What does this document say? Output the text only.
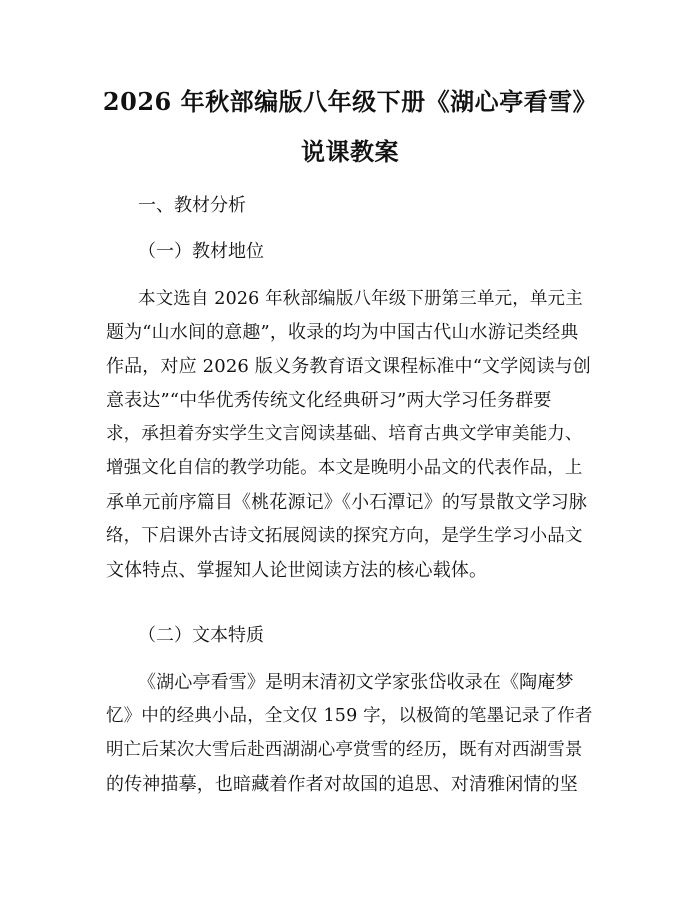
2026 年秋部编版八年级下册《湖心亭看雪》
说课教案
一、教材分析
（一）教材地位
本文选自 2026 年秋部编版八年级下册第三单元，单元主
题为“山水间的意趣”，收录的均为中国古代山水游记类经典
作品，对应 2026 版义务教育语文课程标准中“文学阅读与创
意表达”“中华优秀传统文化经典研习”两大学习任务群要
求，承担着夯实学生文言阅读基础、培育古典文学审美能力、
增强文化自信的教学功能。本文是晚明小品文的代表作品，上
承单元前序篇目《桃花源记》《小石潭记》的写景散文学习脉
络，下启课外古诗文拓展阅读的探究方向，是学生学习小品文
文体特点、掌握知人论世阅读方法的核心载体。
（二）文本特质
《湖心亭看雪》是明末清初文学家张岱收录在《陶庵梦
忆》中的经典小品，全文仅 159 字，以极简的笔墨记录了作者
明亡后某次大雪后赴西湖湖心亭赏雪的经历，既有对西湖雪景
的传神描摹，也暗藏着作者对故国的追思、对清雅闲情的坚
